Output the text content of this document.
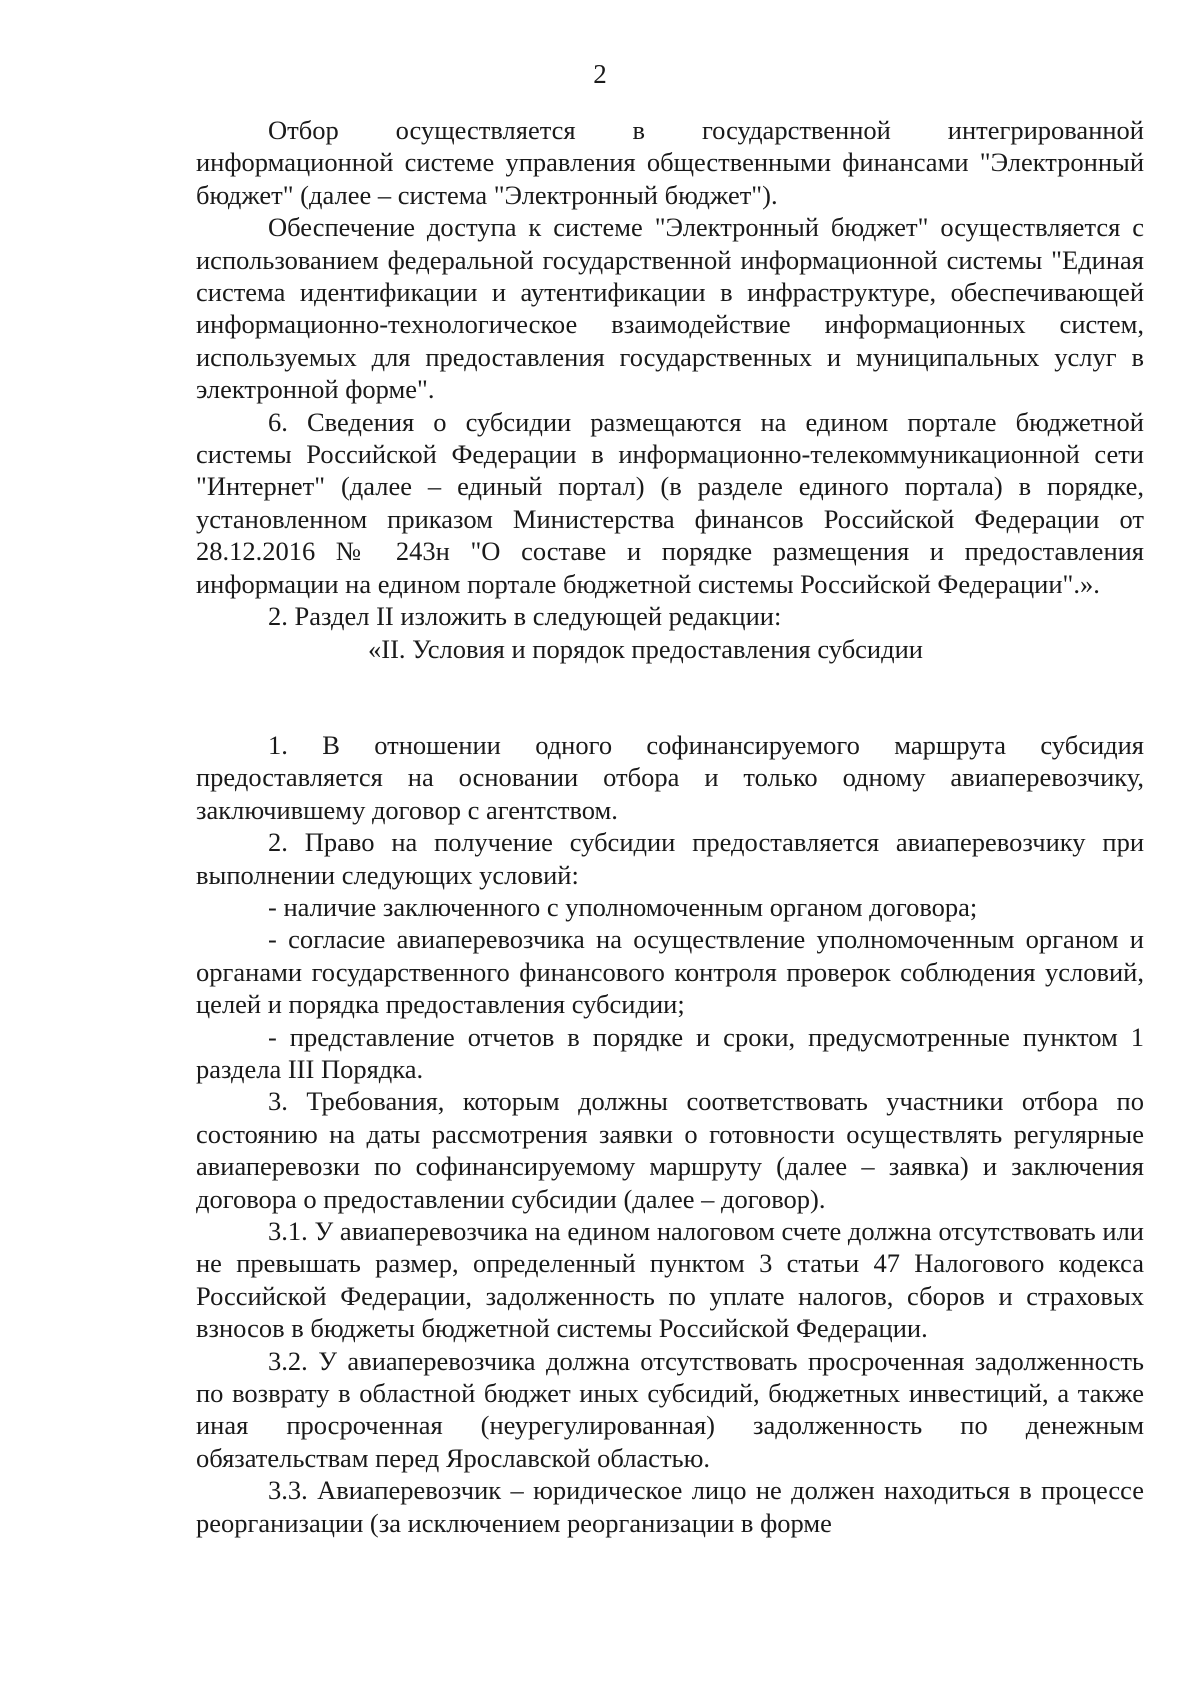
2

Отбор осуществляется в государственной интегрированной информационной системе управления общественными финансами "Электронный бюджет" (далее – система "Электронный бюджет").

Обеспечение доступа к системе "Электронный бюджет" осуществляется с использованием федеральной государственной информационной системы "Единая система идентификации и аутентификации в инфраструктуре, обеспечивающей информационно-технологическое взаимодействие информационных систем, используемых для предоставления государственных и муниципальных услуг в электронной форме".

6. Сведения о субсидии размещаются на едином портале бюджетной системы Российской Федерации в информационно-телекоммуникационной сети "Интернет" (далее – единый портал) (в разделе единого портала) в порядке, установленном приказом Министерства финансов Российской Федерации от 28.12.2016 № 243н "О составе и порядке размещения и предоставления информации на едином портале бюджетной системы Российской Федерации".».

2. Раздел II изложить в следующей редакции:

«II. Условия и порядок предоставления субсидии

1. В отношении одного софинансируемого маршрута субсидия предоставляется на основании отбора и только одному авиаперевозчику, заключившему договор с агентством.

2. Право на получение субсидии предоставляется авиаперевозчику при выполнении следующих условий:

- наличие заключенного с уполномоченным органом договора;

- согласие авиаперевозчика на осуществление уполномоченным органом и органами государственного финансового контроля проверок соблюдения условий, целей и порядка предоставления субсидии;

- представление отчетов в порядке и сроки, предусмотренные пунктом 1 раздела III Порядка.

3. Требования, которым должны соответствовать участники отбора по состоянию на даты рассмотрения заявки о готовности осуществлять регулярные авиаперевозки по софинансируемому маршруту (далее – заявка) и заключения договора о предоставлении субсидии (далее – договор).

3.1. У авиаперевозчика на едином налоговом счете должна отсутствовать или не превышать размер, определенный пунктом 3 статьи 47 Налогового кодекса Российской Федерации, задолженность по уплате налогов, сборов и страховых взносов в бюджеты бюджетной системы Российской Федерации.

3.2. У авиаперевозчика должна отсутствовать просроченная задолженность по возврату в областной бюджет иных субсидий, бюджетных инвестиций, а также иная просроченная (неурегулированная) задолженность по денежным обязательствам перед Ярославской областью.

3.3. Авиаперевозчик – юридическое лицо не должен находиться в процессе реорганизации (за исключением реорганизации в форме
